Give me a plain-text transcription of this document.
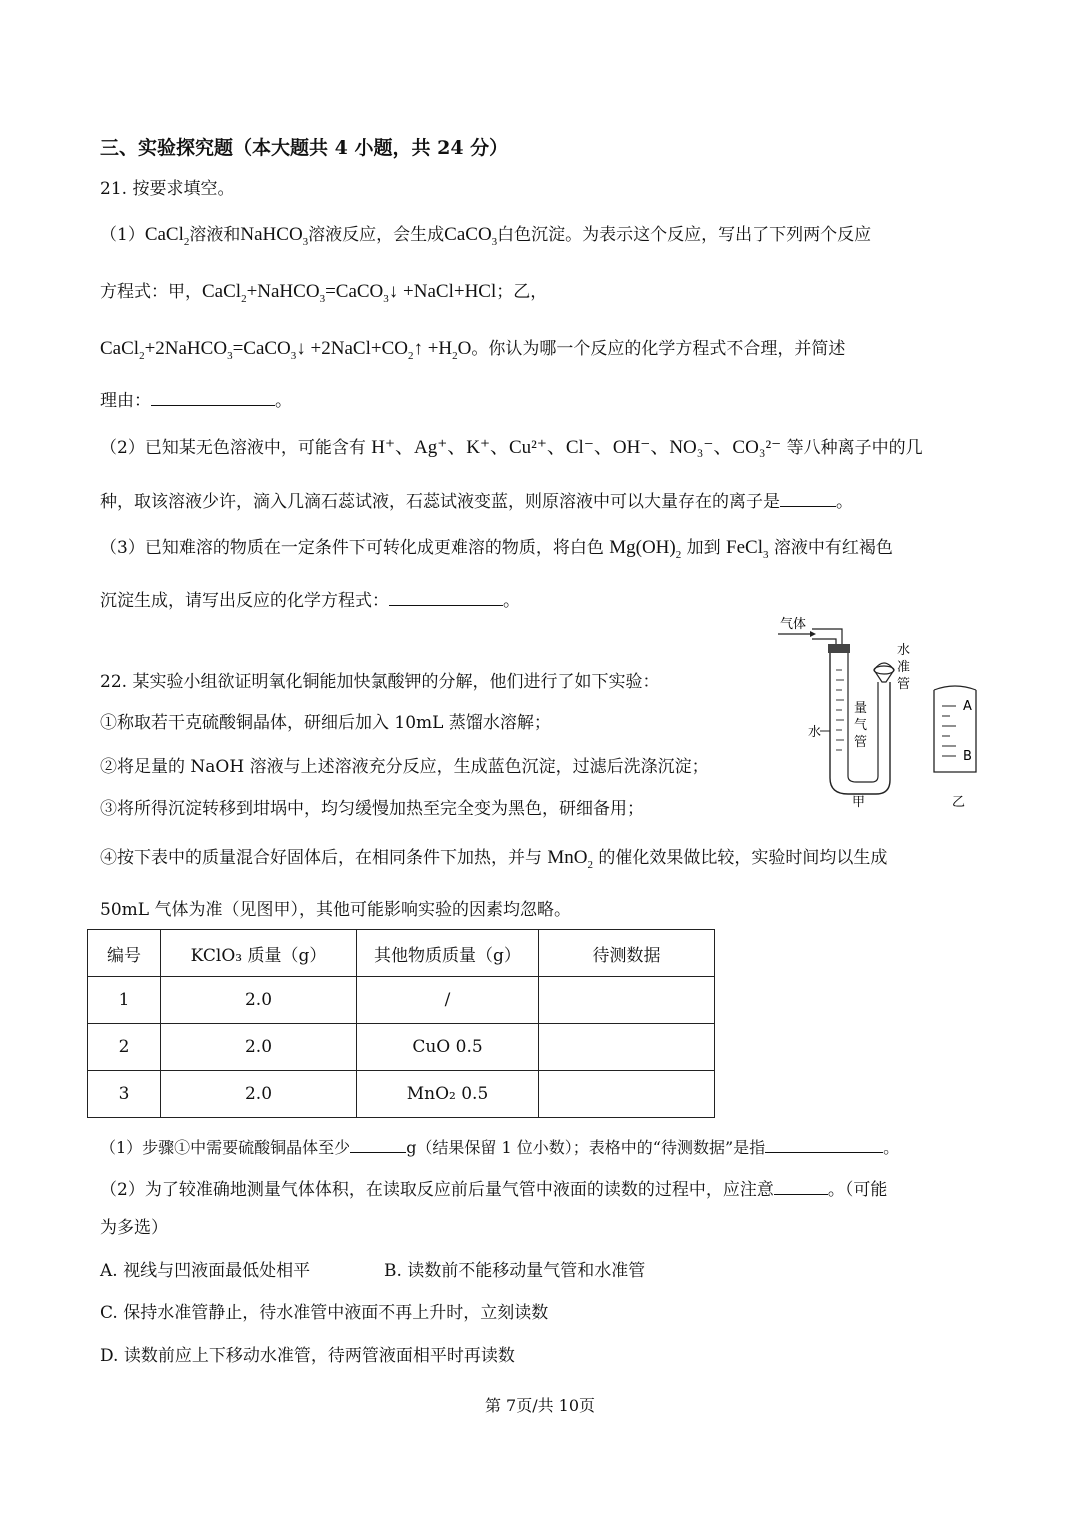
三、实验探究题（本大题共 4 小题，共 24 分）
21. 按要求填空。
（1）CaCl$_2$溶液和NaHCO$_3$溶液反应，会生成CaCO$_3$白色沉淀。为表示这个反应，写出了下列两个反应
方程式：甲，CaCl$_2$+NaHCO$_3$=CaCO$_3$↓ +NaCl+HCl；乙，
CaCl$_2$+2NaHCO$_3$=CaCO$_3$↓ $+2NaCl+CO_2↑ +H_2O$。你认为哪一个反应的化学方程式不合理，并简述
理由：	。
（2）已知某无色溶液中，可能含有 H⁺、Ag⁺、K⁺、Cu²⁺、Cl⁻、OH⁻、NO₃⁻、CO₃²⁻ 等八种离子中的几
种，取该溶液少许，滴入几滴石蕊试液，石蕊试液变蓝，则原溶液中可以大量存在的离子是	。
（3）已知难溶的物质在一定条件下可转化成更难溶的物质，将白色 $Mg(OH)_2$ 加到 FeCl$_3$ 溶液中有红褐色
沉淀生成，请写出反应的化学方程式：	。
气体
水
准
管
量
气
管
水
A
B
甲	乙
22. 某实验小组欲证明氧化铜能加快氯酸钾的分解，他们进行了如下实验：
①称取若干克硫酸铜晶体，研细后加入 10mL 蒸馏水溶解；
②将足量的 NaOH 溶液与上述溶液充分反应，生成蓝色沉淀，过滤后洗涤沉淀；
③将所得沉淀转移到坩埚中，均匀缓慢加热至完全变为黑色，研细备用；
④按下表中的质量混合好固体后，在相同条件下加热，并与 MnO$_2$ 的催化效果做比较，实验时间均以生成
50mL 气体为准（见图甲），其他可能影响实验的因素均忽略。
编号	KClO₃ 质量（g）	其他物质质量（g）	待测数据
1	2.0	/	
2	2.0	CuO 0.5	
3	2.0	MnO₂ 0.5	
（1）步骤①中需要硫酸铜晶体至少	g（结果保留 1 位小数）；表格中的“待测数据”是指	。
（2）为了较准确地测量气体体积，在读取反应前后量气管中液面的读数的过程中，应注意	。（可能
为多选）
A. 视线与凹液面最低处相平	B. 读数前不能移动量气管和水准管
C. 保持水准管静止，待水准管中液面不再上升时，立刻读数
D. 读数前应上下移动水准管，待两管液面相平时再读数
第 7页/共 10页
